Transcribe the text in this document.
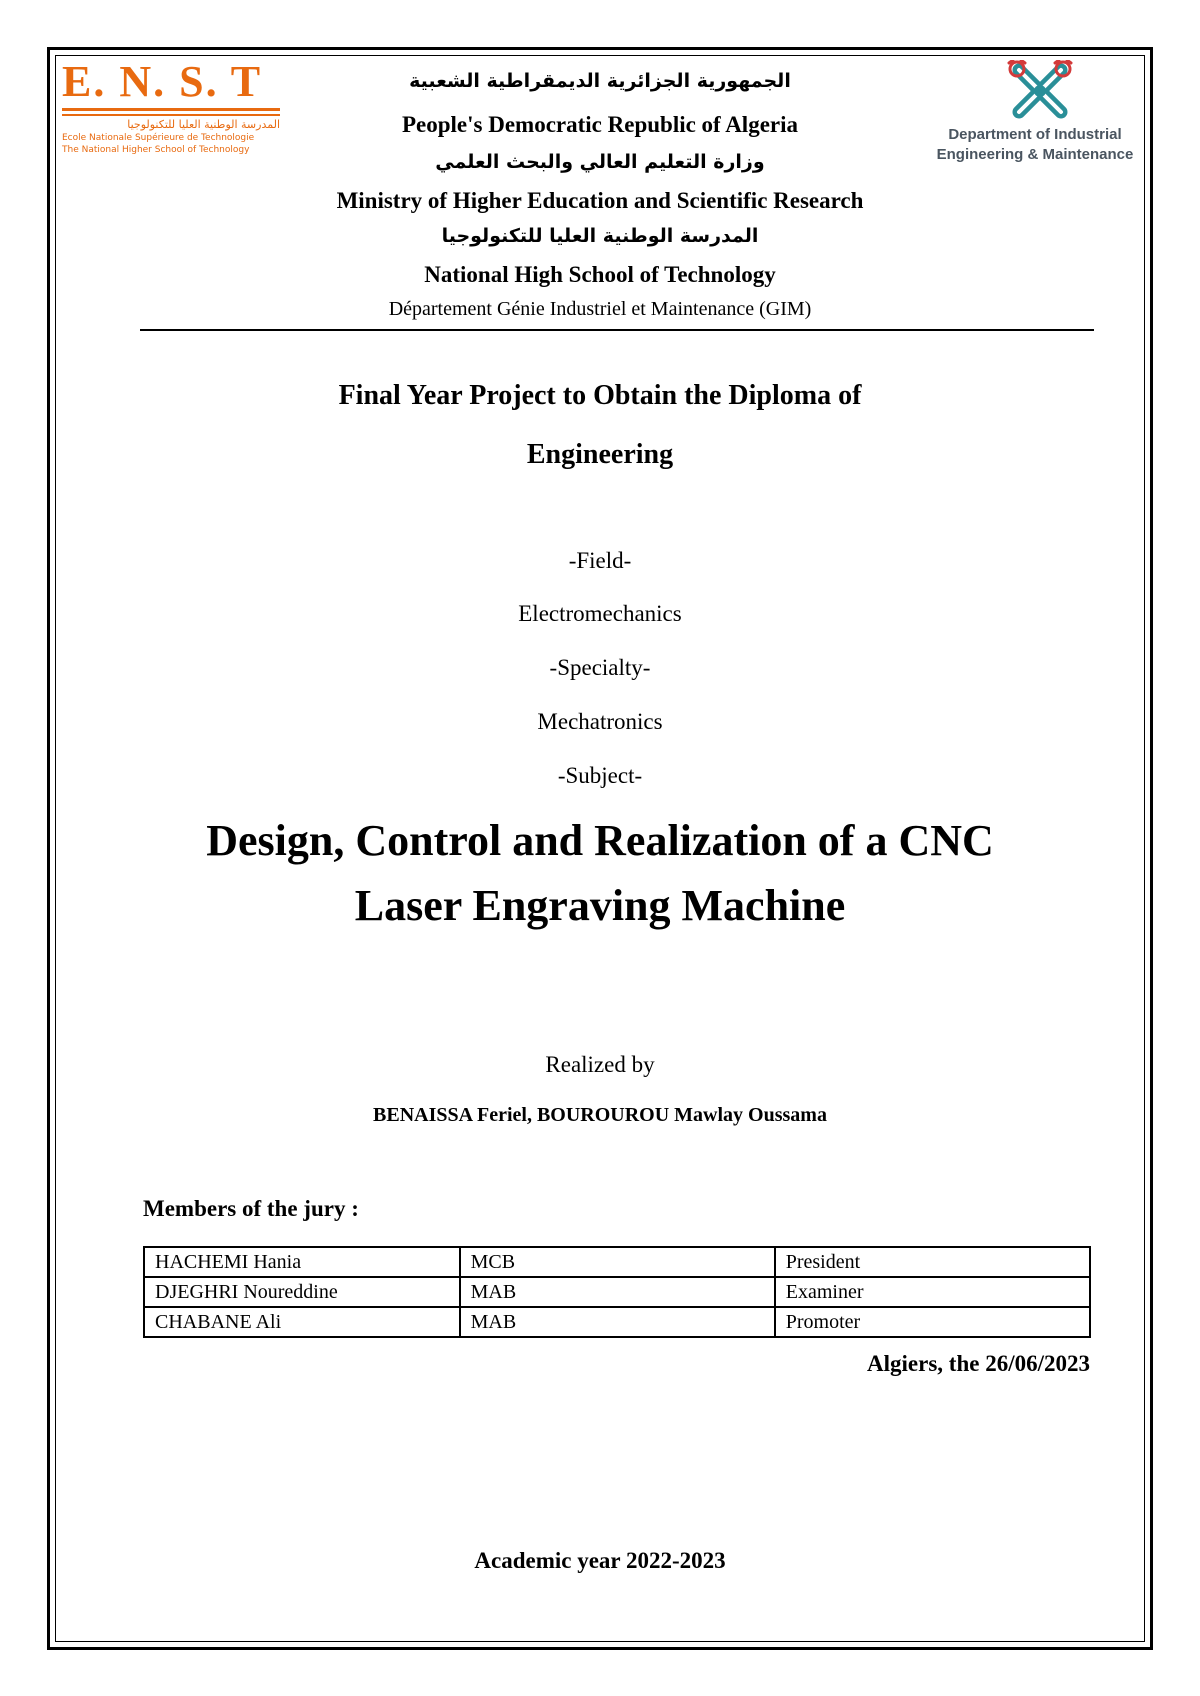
E. N. S. T
المدرسة الوطنية العليا للتكنولوجيا
Ecole Nationale Supérieure de Technologie
The National Higher School of Technology
Department of Industrial
Engineering & Maintenance
الجمهورية الجزائرية الديمقراطية الشعبية
People's Democratic Republic of Algeria
وزارة التعليم العالي والبحث العلمي
Ministry of Higher Education and Scientific Research
المدرسة الوطنية العليا للتكنولوجيا
National High School of Technology
Département Génie Industriel et Maintenance (GIM)
Final Year Project to Obtain the Diploma of
Engineering
-Field-
Electromechanics
-Specialty-
Mechatronics
-Subject-
Design, Control and Realization of a CNC
Laser Engraving Machine
Realized by
BENAISSA Feriel, BOUROUROU Mawlay Oussama
Members of the jury :
HACHEMI Hania	MCB	President
DJEGHRI Noureddine	MAB	Examiner
CHABANE Ali	MAB	Promoter
Algiers, the 26/06/2023
Academic year 2022-2023
